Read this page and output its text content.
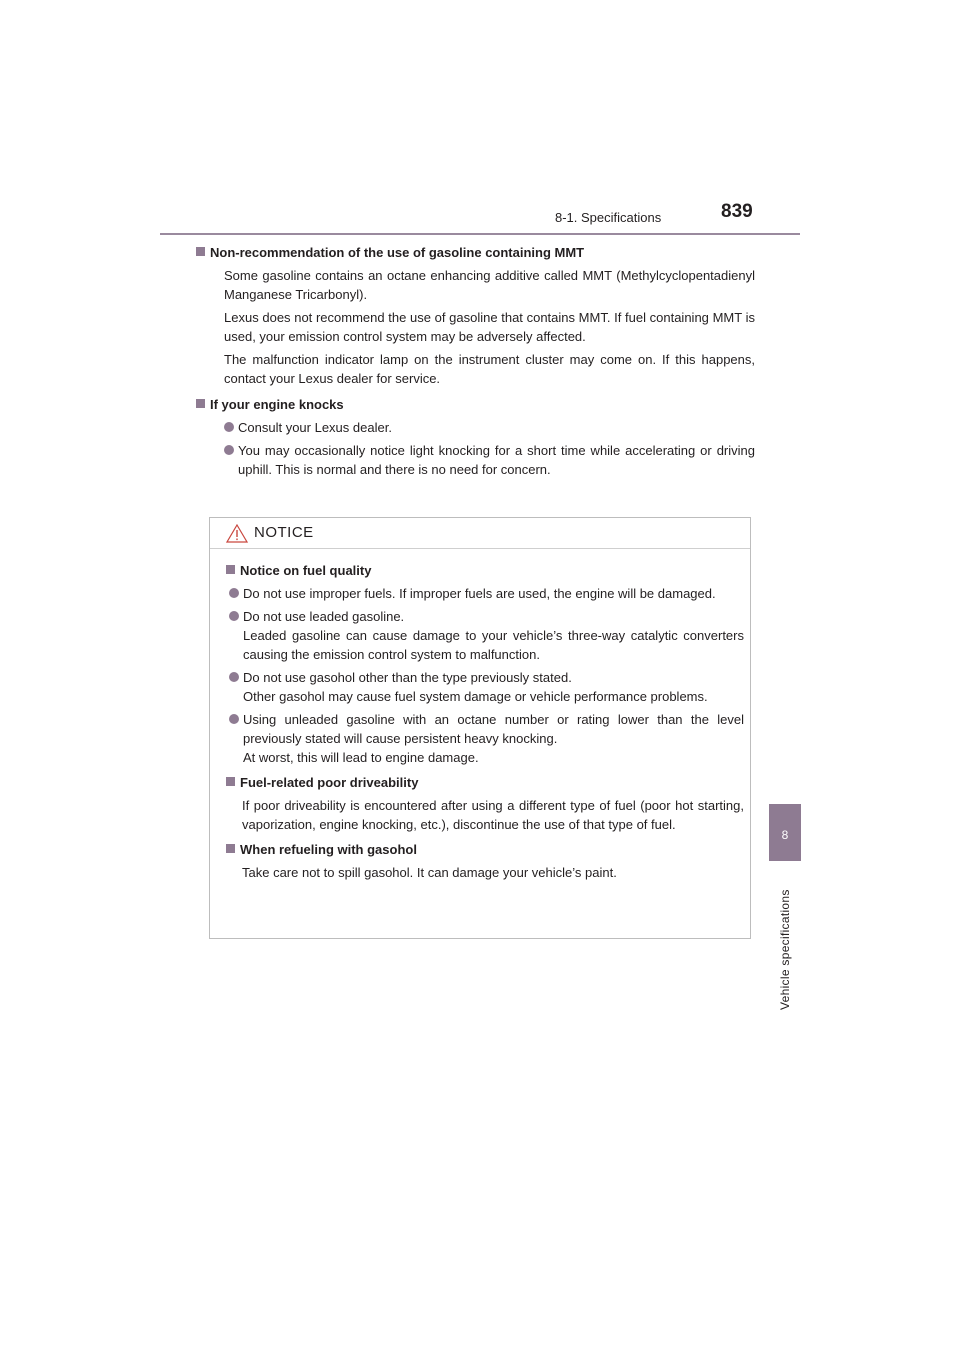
8-1. Specifications	839
8
Vehicle specifications

Non-recommendation of the use of gasoline containing MMT

Some gasoline contains an octane enhancing additive called MMT (Methylcyclopentadienyl Manganese Tricarbonyl).

Lexus does not recommend the use of gasoline that contains MMT. If fuel containing MMT is used, your emission control system may be adversely affected.

The malfunction indicator lamp on the instrument cluster may come on. If this happens, contact your Lexus dealer for service.

If your engine knocks

Consult your Lexus dealer.

You may occasionally notice light knocking for a short time while accelerating or driving uphill. This is normal and there is no need for concern.

NOTICE

Notice on fuel quality

Do not use improper fuels. If improper fuels are used, the engine will be damaged.

Do not use leaded gasoline.
Leaded gasoline can cause damage to your vehicle’s three-way catalytic converters causing the emission control system to malfunction.

Do not use gasohol other than the type previously stated.
Other gasohol may cause fuel system damage or vehicle performance problems.

Using unleaded gasoline with an octane number or rating lower than the level previously stated will cause persistent heavy knocking.
At worst, this will lead to engine damage.

Fuel-related poor driveability

If poor driveability is encountered after using a different type of fuel (poor hot starting, vaporization, engine knocking, etc.), discontinue the use of that type of fuel.

When refueling with gasohol

Take care not to spill gasohol. It can damage your vehicle’s paint.
